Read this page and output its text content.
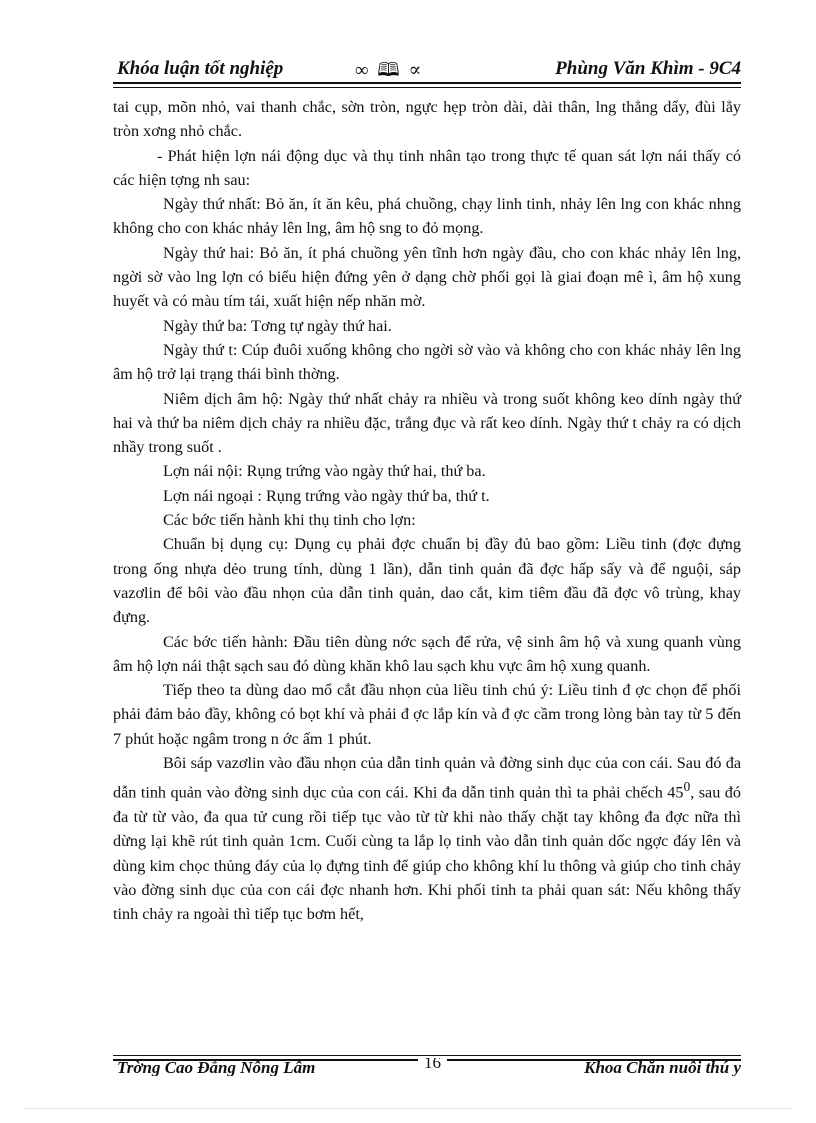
Khóa luận tốt nghiệp	∞ 🕮 ∝	Phùng Văn Khìm - 9C4

tai cụp, mõn nhỏ, vai thanh chắc, sờn tròn, ngực hẹp tròn dài, dài thân, lng thẳng dẩy, đùi lẳy tròn xơng nhỏ chắc.

- Phát hiện lợn nái động dục và thụ tinh nhân tạo trong thực tế quan sát lợn nái thấy có các hiện tợng nh sau:

Ngày thứ nhất: Bỏ ăn, ít ăn kêu, phá chuồng, chạy linh tinh, nhảy lên lng con khác nhng không cho con khác nhảy lên lng, âm hộ sng to đỏ mọng.

Ngày thứ hai: Bỏ ăn, ít phá chuồng yên tĩnh hơn ngày đầu, cho con khác nhảy lên lng, ngời sờ vào lng lợn có biểu hiện đứng yên ở dạng chờ phối gọi là giai đoạn mê ì, âm hộ xung huyết và có màu tím tái, xuất hiện nếp nhăn mờ.

Ngày thứ ba: Tơng tự ngày thứ hai.

Ngày thứ t: Cúp đuôi xuống không cho ngời sờ vào và không cho con khác nhảy lên lng âm hộ trở lại trạng thái bình thờng.

Niêm dịch âm hộ: Ngày thứ nhất chảy ra nhiều và trong suốt không keo dính ngày thứ hai và thứ ba niêm dịch chảy ra nhiều đặc, trắng đục và rất keo dính. Ngày thứ t chảy ra có dịch nhầy trong suốt .

Lợn nái nội: Rụng trứng vào ngày thứ hai, thứ ba.

Lợn nái ngoại : Rụng trứng vào ngày thứ ba, thứ t.

Các bớc tiến hành khi thụ tinh cho lợn:

Chuẩn bị dụng cụ: Dụng cụ phải đợc chuẩn bị đầy đủ bao gồm: Liều tinh (đợc đựng trong ống nhựa dẻo trung tính, dùng 1 lần), dẫn tinh quản đã đợc hấp sấy và để nguội, sáp vazơlin để bôi vào đầu nhọn của dẫn tinh quản, dao cắt, kim tiêm đầu đã đợc vô trùng, khay đựng.

Các bớc tiến hành: Đầu tiên dùng nớc sạch để rửa, vệ sinh âm hộ và xung quanh vùng âm hộ lợn nái thật sạch sau đó dùng khăn khô lau sạch khu vực âm hộ xung quanh.

Tiếp theo ta dùng dao mổ cắt đầu nhọn của liều tinh chú ý: Liều tinh đ ợc chọn để phối phải đảm bảo đầy, không có bọt khí và phải đ ợc lắp kín và đ ợc cầm trong lòng bàn tay từ 5 đến 7 phút hoặc ngâm trong n ớc ấm 1 phút.

Bôi sáp vazơlin vào đầu nhọn của dẫn tinh quản và đờng sinh dục của con cái. Sau đó đa dẫn tinh quản vào đờng sinh dục của con cái. Khi đa dẫn tinh quản thì ta phải chếch $45^0$, sau đó đa từ từ vào, đa qua tử cung rồi tiếp tục vào từ từ khi nào thấy chặt tay không đa đợc nữa thì dừng lại khẽ rút tinh quản 1cm. Cuối cùng ta lắp lọ tinh vào dẫn tinh quản dốc ngợc đáy lên và dùng kim chọc thủng đáy của lọ đựng tinh để giúp cho không khí lu thông và giúp cho tinh chảy vào đờng sinh dục của con cái đợc nhanh hơn. Khi phối tinh ta phải quan sát: Nếu không thấy tinh chảy ra ngoài thì tiếp tục bơm hết,

Trờng Cao Đẳng Nông Lâm	16	Khoa Chăn nuôi thú y
